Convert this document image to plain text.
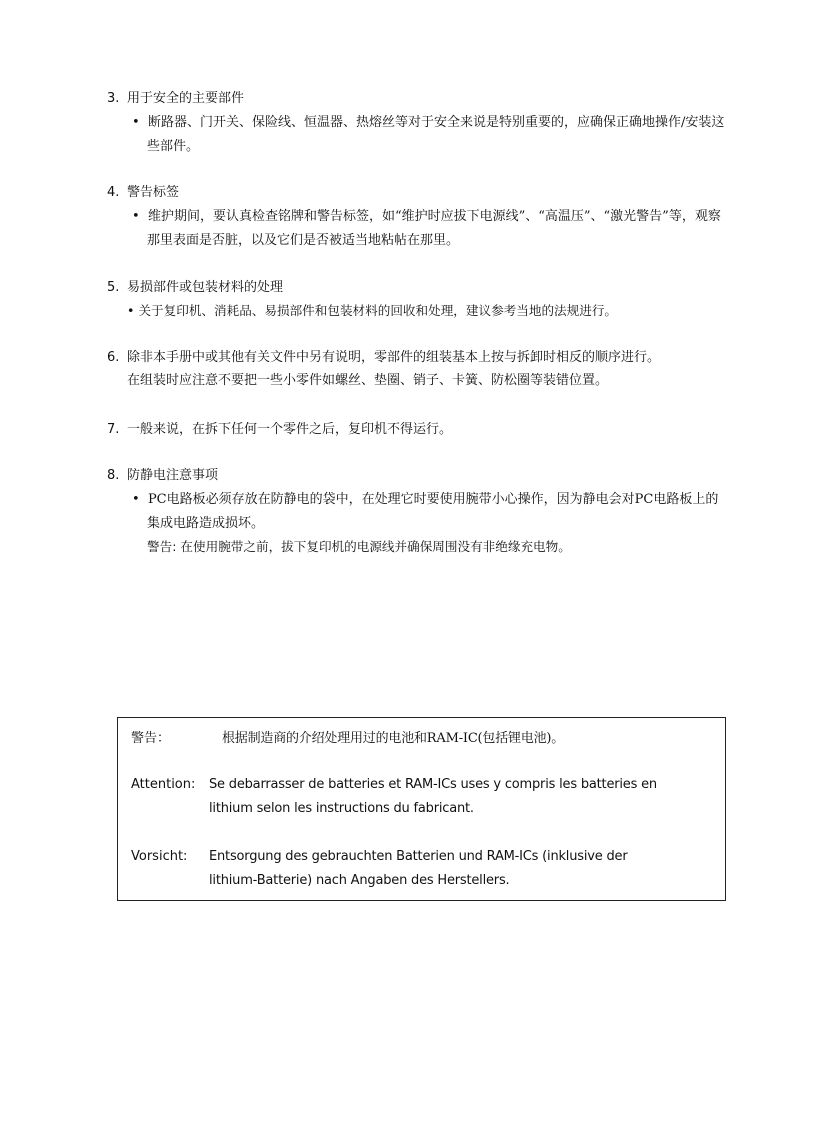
3. 用于安全的主要部件
• 断路器、门开关、保险线、恒温器、热熔丝等对于安全来说是特别重要的，应确保正确地操作/安装这些部件。
4. 警告标签
• 维护期间，要认真检查铭牌和警告标签，如“维护时应拔下电源线”、“高温压”、“激光警告”等，观察那里表面是否脏，以及它们是否被适当地粘帖在那里。
5. 易损部件或包装材料的处理
• 关于复印机、消耗品、易损部件和包装材料的回收和处理，建议参考当地的法规进行。
6. 除非本手册中或其他有关文件中另有说明，零部件的组装基本上按与拆卸时相反的顺序进行。
在组装时应注意不要把一些小零件如螺丝、垫圈、销子、卡簧、防松圈等装错位置。
7. 一般来说，在拆下任何一个零件之后，复印机不得运行。
8. 防静电注意事项
• PC电路板必须存放在防静电的袋中，在处理它时要使用腕带小心操作，因为静电会对PC电路板上的集成电路造成损坏。
警告: 在使用腕带之前，拔下复印机的电源线并确保周围没有非绝缘充电物。
警告：	根据制造商的介绍处理用过的电池和RAM-IC(包括锂电池)。
Attention: Se debarrasser de batteries et RAM-ICs uses y compris les batteries en lithium selon les instructions du fabricant.
Vorsicht: Entsorgung des gebrauchten Batterien und RAM-ICs (inklusive der lithium-Batterie) nach Angaben des Herstellers.
